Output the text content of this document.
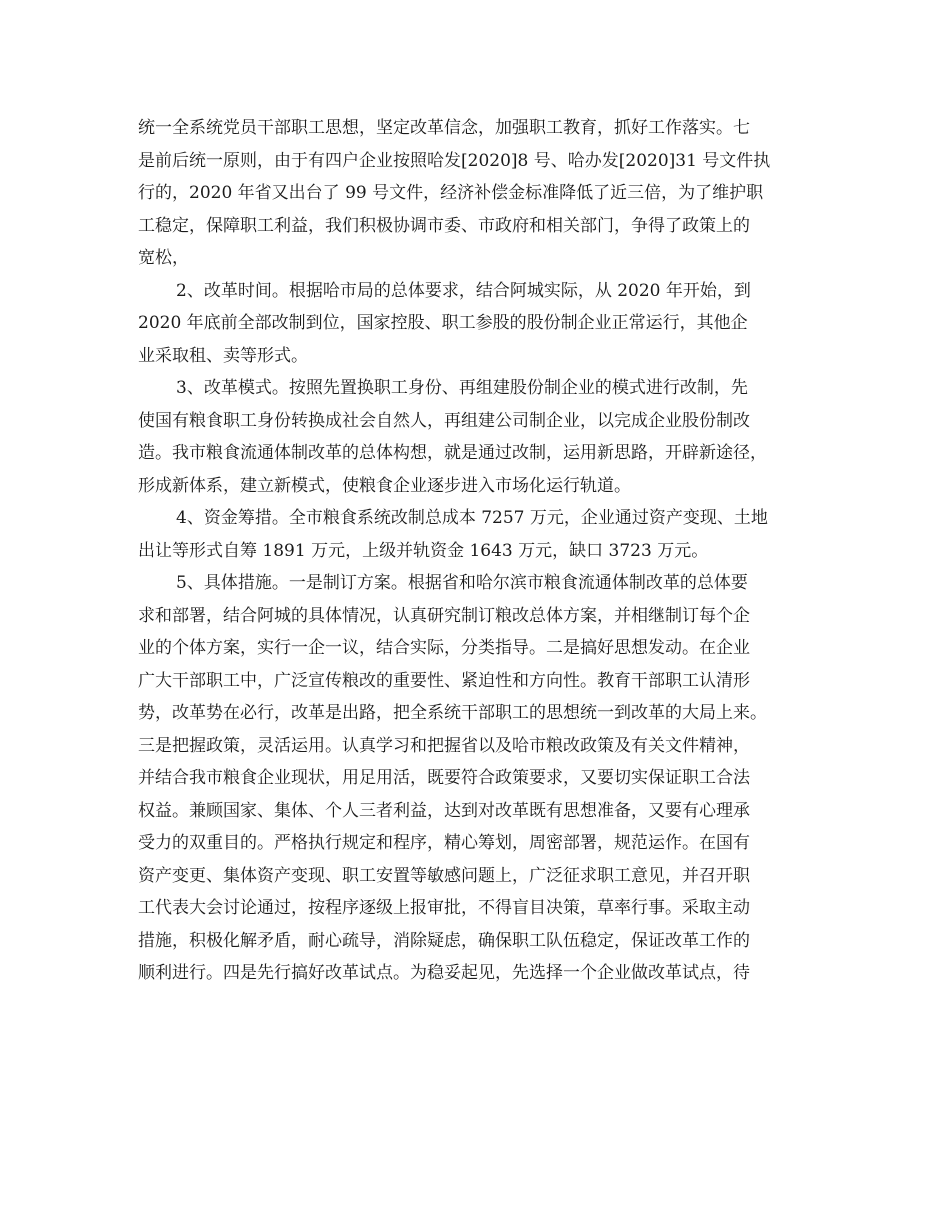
统一全系统党员干部职工思想，坚定改革信念，加强职工教育，抓好工作落实。七
是前后统一原则，由于有四户企业按照哈发[2020]8 号、哈办发[2020]31 号文件执
行的，2020 年省又出台了 99 号文件，经济补偿金标准降低了近三倍，为了维护职
工稳定，保障职工利益，我们积极协调市委、市政府和相关部门，争得了政策上的
宽松，
2、改革时间。根据哈市局的总体要求，结合阿城实际，从 2020 年开始，到
2020 年底前全部改制到位，国家控股、职工参股的股份制企业正常运行，其他企
业采取租、卖等形式。
3、改革模式。按照先置换职工身份、再组建股份制企业的模式进行改制，先
使国有粮食职工身份转换成社会自然人，再组建公司制企业，以完成企业股份制改
造。我市粮食流通体制改革的总体构想，就是通过改制，运用新思路，开辟新途径，
形成新体系，建立新模式，使粮食企业逐步进入市场化运行轨道。
4、资金筹措。全市粮食系统改制总成本 7257 万元，企业通过资产变现、土地
出让等形式自筹 1891 万元，上级并轨资金 1643 万元，缺口 3723 万元。
5、具体措施。一是制订方案。根据省和哈尔滨市粮食流通体制改革的总体要
求和部署，结合阿城的具体情况，认真研究制订粮改总体方案，并相继制订每个企
业的个体方案，实行一企一议，结合实际，分类指导。二是搞好思想发动。在企业
广大干部职工中，广泛宣传粮改的重要性、紧迫性和方向性。教育干部职工认清形
势，改革势在必行，改革是出路，把全系统干部职工的思想统一到改革的大局上来。
三是把握政策，灵活运用。认真学习和把握省以及哈市粮改政策及有关文件精神，
并结合我市粮食企业现状，用足用活，既要符合政策要求，又要切实保证职工合法
权益。兼顾国家、集体、个人三者利益，达到对改革既有思想准备，又要有心理承
受力的双重目的。严格执行规定和程序，精心筹划，周密部署，规范运作。在国有
资产变更、集体资产变现、职工安置等敏感问题上，广泛征求职工意见，并召开职
工代表大会讨论通过，按程序逐级上报审批，不得盲目决策，草率行事。采取主动
措施，积极化解矛盾，耐心疏导，消除疑虑，确保职工队伍稳定，保证改革工作的
顺利进行。四是先行搞好改革试点。为稳妥起见，先选择一个企业做改革试点，待
